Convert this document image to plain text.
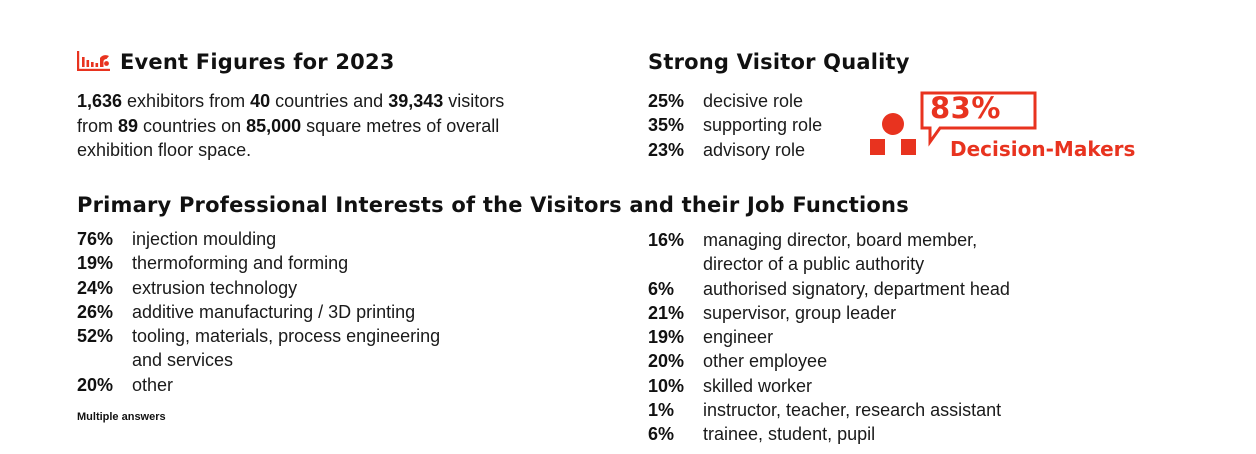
Event Figures for 2023
1,636 exhibitors from 40 countries and 39,343 visitors
from 89 countries on 85,000 square metres of overall
exhibition floor space.
Strong Visitor Quality
25%	decisive role
35%	supporting role
23%	advisory role
83%
Decision-Makers
Primary Professional Interests of the Visitors and their Job Functions
76%	injection moulding
19%	thermoforming and forming
24%	extrusion technology
26%	additive manufacturing / 3D printing
52%	tooling, materials, process engineering
and services
20%	other
Multiple answers
16%	managing director, board member,
director of a public authority
6%	authorised signatory, department head
21%	supervisor, group leader
19%	engineer
20%	other employee
10%	skilled worker
1%	instructor, teacher, research assistant
6%	trainee, student, pupil
